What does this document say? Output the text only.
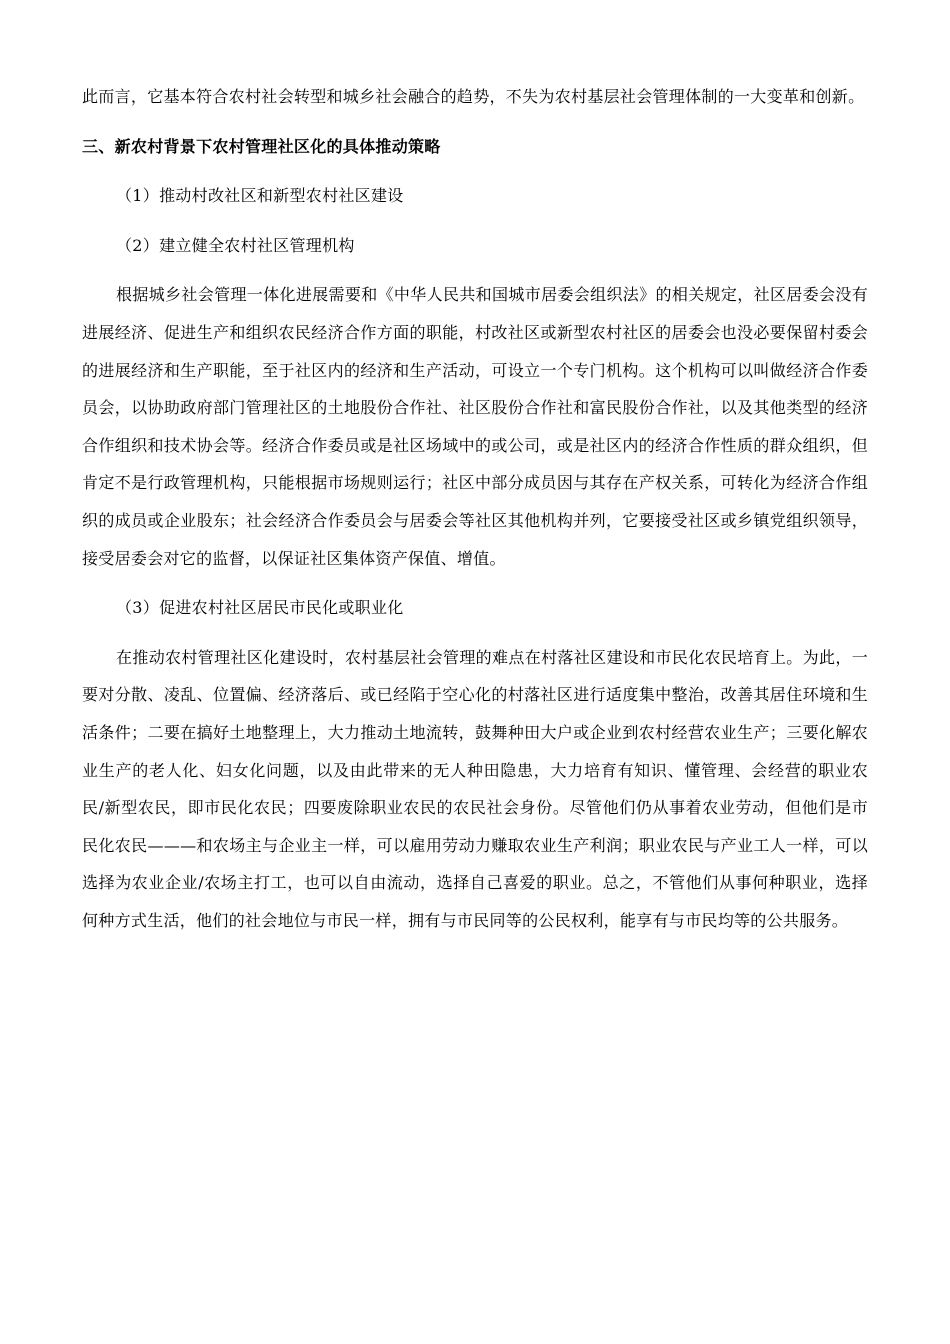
此而言，它基本符合农村社会转型和城乡社会融合的趋势，不失为农村基层社会管理体制的一大变革和创新。

三、新农村背景下农村管理社区化的具体推动策略

（1）推动村改社区和新型农村社区建设

（2）建立健全农村社区管理机构

根据城乡社会管理一体化进展需要和《中华人民共和国城市居委会组织法》的相关规定，社区居委会没有进展经济、促进生产和组织农民经济合作方面的职能，村改社区或新型农村社区的居委会也没必要保留村委会的进展经济和生产职能，至于社区内的经济和生产活动，可设立一个专门机构。这个机构可以叫做经济合作委员会，以协助政府部门管理社区的土地股份合作社、社区股份合作社和富民股份合作社，以及其他类型的经济合作组织和技术协会等。经济合作委员或是社区场域中的或公司，或是社区内的经济合作性质的群众组织，但肯定不是行政管理机构，只能根据市场规则运行；社区中部分成员因与其存在产权关系，可转化为经济合作组织的成员或企业股东；社会经济合作委员会与居委会等社区其他机构并列，它要接受社区或乡镇党组织领导，接受居委会对它的监督，以保证社区集体资产保值、增值。

（3）促进农村社区居民市民化或职业化

在推动农村管理社区化建设时，农村基层社会管理的难点在村落社区建设和市民化农民培育上。为此，一要对分散、凌乱、位置偏、经济落后、或已经陷于空心化的村落社区进行适度集中整治，改善其居住环境和生活条件；二要在搞好土地整理上，大力推动土地流转，鼓舞种田大户或企业到农村经营农业生产；三要化解农业生产的老人化、妇女化问题，以及由此带来的无人种田隐患，大力培育有知识、懂管理、会经营的职业农民/新型农民，即市民化农民；四要废除职业农民的农民社会身份。尽管他们仍从事着农业劳动，但他们是市民化农民———和农场主与企业主一样，可以雇用劳动力赚取农业生产利润；职业农民与产业工人一样，可以选择为农业企业/农场主打工，也可以自由流动，选择自己喜爱的职业。总之，不管他们从事何种职业，选择何种方式生活，他们的社会地位与市民一样，拥有与市民同等的公民权利，能享有与市民均等的公共服务。
